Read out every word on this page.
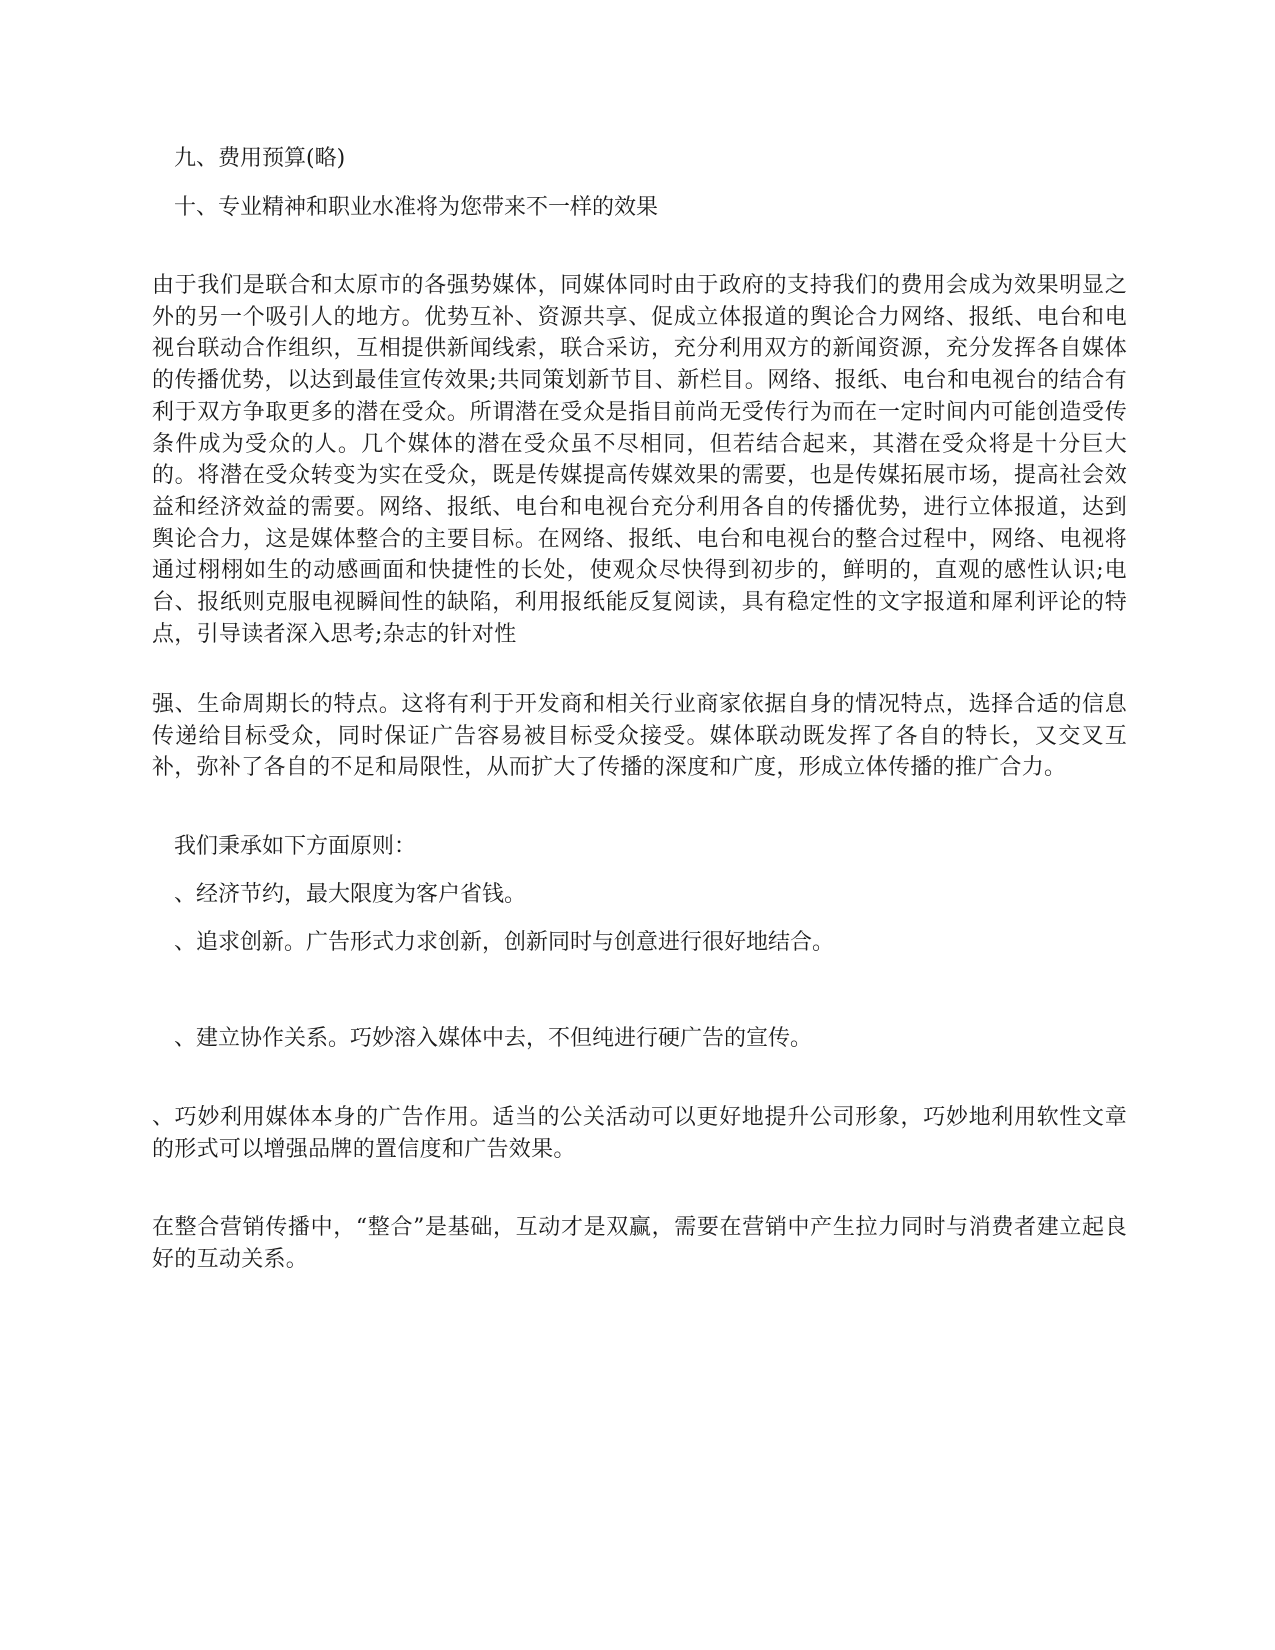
九、费用预算(略)

十、专业精神和职业水准将为您带来不一样的效果

由于我们是联合和太原市的各强势媒体，同媒体同时由于政府的支持我们的费用会成为效果明显之外的另一个吸引人的地方。优势互补、资源共享、促成立体报道的舆论合力网络、报纸、电台和电视台联动合作组织，互相提供新闻线索，联合采访，充分利用双方的新闻资源，充分发挥各自媒体的传播优势，以达到最佳宣传效果;共同策划新节目、新栏目。网络、报纸、电台和电视台的结合有利于双方争取更多的潜在受众。所谓潜在受众是指目前尚无受传行为而在一定时间内可能创造受传条件成为受众的人。几个媒体的潜在受众虽不尽相同，但若结合起来，其潜在受众将是十分巨大的。将潜在受众转变为实在受众，既是传媒提高传媒效果的需要，也是传媒拓展市场，提高社会效益和经济效益的需要。网络、报纸、电台和电视台充分利用各自的传播优势，进行立体报道，达到舆论合力，这是媒体整合的主要目标。在网络、报纸、电台和电视台的整合过程中，网络、电视将通过栩栩如生的动感画面和快捷性的长处，使观众尽快得到初步的，鲜明的，直观的感性认识;电台、报纸则克服电视瞬间性的缺陷，利用报纸能反复阅读，具有稳定性的文字报道和犀利评论的特点，引导读者深入思考;杂志的针对性

强、生命周期长的特点。这将有利于开发商和相关行业商家依据自身的情况特点，选择合适的信息传递给目标受众，同时保证广告容易被目标受众接受。媒体联动既发挥了各自的特长，又交叉互补，弥补了各自的不足和局限性，从而扩大了传播的深度和广度，形成立体传播的推广合力。

我们秉承如下方面原则：

、经济节约，最大限度为客户省钱。

、追求创新。广告形式力求创新，创新同时与创意进行很好地结合。

、建立协作关系。巧妙溶入媒体中去，不但纯进行硬广告的宣传。

、巧妙利用媒体本身的广告作用。适当的公关活动可以更好地提升公司形象，巧妙地利用软性文章的形式可以增强品牌的置信度和广告效果。

在整合营销传播中，“整合”是基础，互动才是双赢，需要在营销中产生拉力同时与消费者建立起良好的互动关系。
